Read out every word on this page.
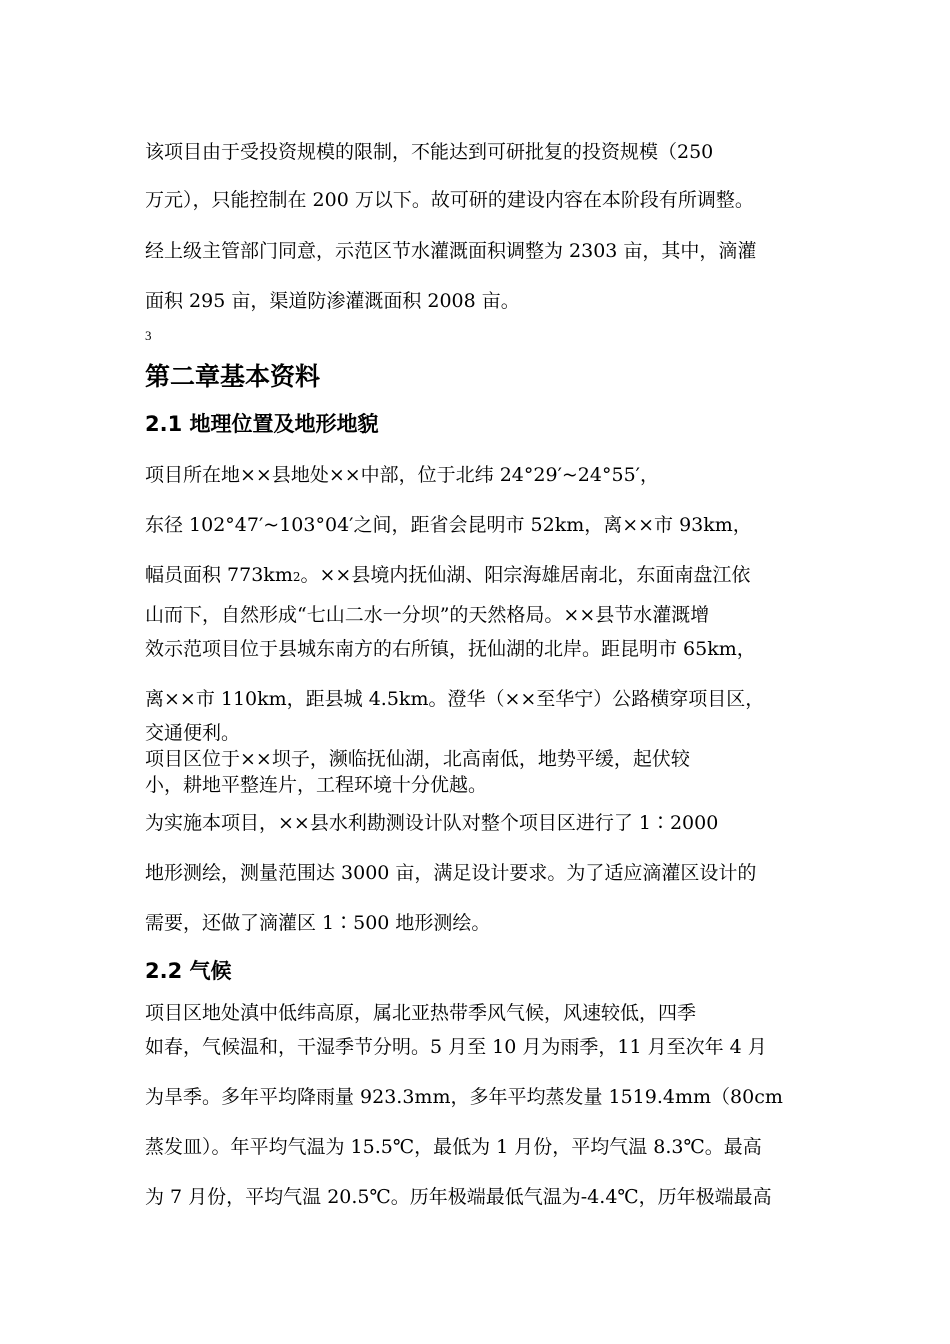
该项目由于受投资规模的限制，不能达到可研批复的投资规模（250
万元），只能控制在 200 万以下。故可研的建设内容在本阶段有所调整。
经上级主管部门同意，示范区节水灌溉面积调整为 2303 亩，其中，滴灌
面积 295 亩，渠道防渗灌溉面积 2008 亩。
3
第二章基本资料
2.1 地理位置及地形地貌
项目所在地××县地处××中部，位于北纬 24°29′~24°55′，
东径 102°47′~103°04′之间，距省会昆明市 52km，离××市 93km，
幅员面积 773km2。××县境内抚仙湖、阳宗海雄居南北，东面南盘江依
山而下，自然形成“七山二水一分坝”的天然格局。××县节水灌溉增
效示范项目位于县城东南方的右所镇，抚仙湖的北岸。距昆明市 65km，
离××市 110km，距县城 4.5km。澄华（××至华宁）公路横穿项目区，
交通便利。
项目区位于××坝子，濒临抚仙湖，北高南低，地势平缓，起伏较
小，耕地平整连片，工程环境十分优越。
为实施本项目，××县水利勘测设计队对整个项目区进行了 1∶2000
地形测绘，测量范围达 3000 亩，满足设计要求。为了适应滴灌区设计的
需要，还做了滴灌区 1∶500 地形测绘。
2.2 气候
项目区地处滇中低纬高原，属北亚热带季风气候，风速较低，四季
如春，气候温和，干湿季节分明。5 月至 10 月为雨季，11 月至次年 4 月
为旱季。多年平均降雨量 923.3mm，多年平均蒸发量 1519.4mm（80cm
蒸发皿）。年平均气温为 15.5℃，最低为 1 月份，平均气温 8.3℃。最高
为 7 月份，平均气温 20.5℃。历年极端最低气温为-4.4℃，历年极端最高
